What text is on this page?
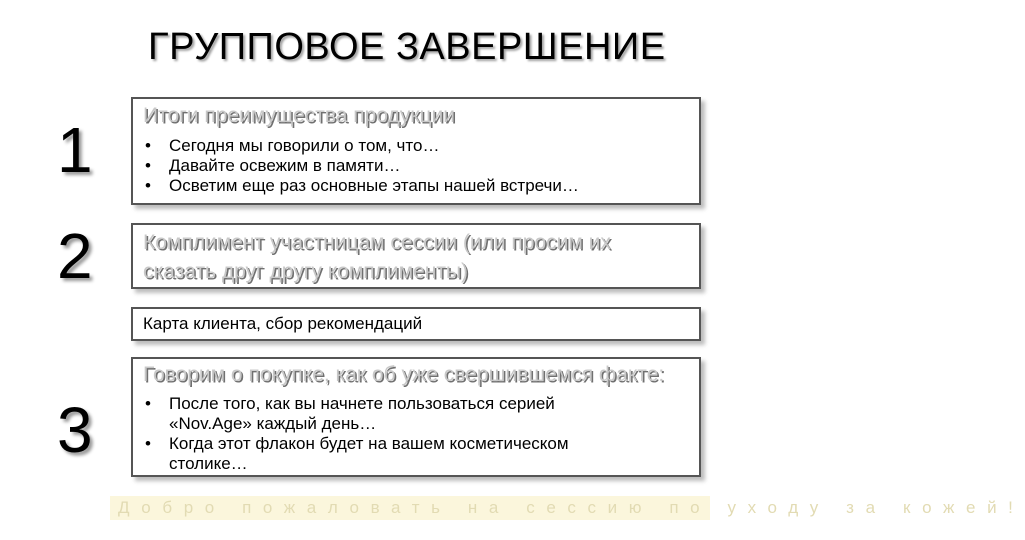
ГРУППОВОЕ ЗАВЕРШЕНИЕ
1
2
3
Итоги преимущества продукции
• Сегодня мы говорили о том, что…
• Давайте освежим в памяти…
• Осветим еще раз основные этапы нашей встречи…
Комплимент участницам сессии (или просим их
сказать друг другу комплименты)
Карта клиента, сбор рекомендаций
Говорим о покупке, как об уже свершившемся факте:
• После того, как вы начнете пользоваться серией
«Nov.Age» каждый день…
• Когда этот флакон будет на вашем косметическом
столике…
Добро пожаловать на сессию по уходу за кожей!
